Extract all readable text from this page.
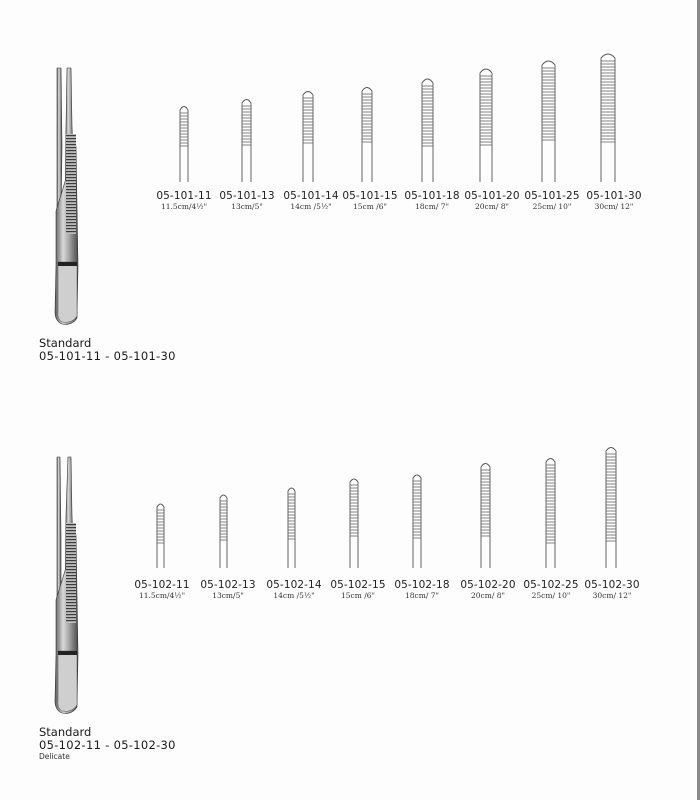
05-101-11
11.5cm/4½"
05-101-13
13cm/5"
05-101-14
14cm /5½"
05-101-15
15cm /6"
05-101-18
18cm/ 7"
05-101-20
20cm/ 8"
05-101-25
25cm/ 10"
05-101-30
30cm/ 12"
Standard
05-101-11 - 05-101-30
05-102-11
11.5cm/4½"
05-102-13
13cm/5"
05-102-14
14cm /5½"
05-102-15
15cm /6"
05-102-18
18cm/ 7"
05-102-20
20cm/ 8"
05-102-25
25cm/ 10"
05-102-30
30cm/ 12"
Standard
05-102-11 - 05-102-30
Delicate
